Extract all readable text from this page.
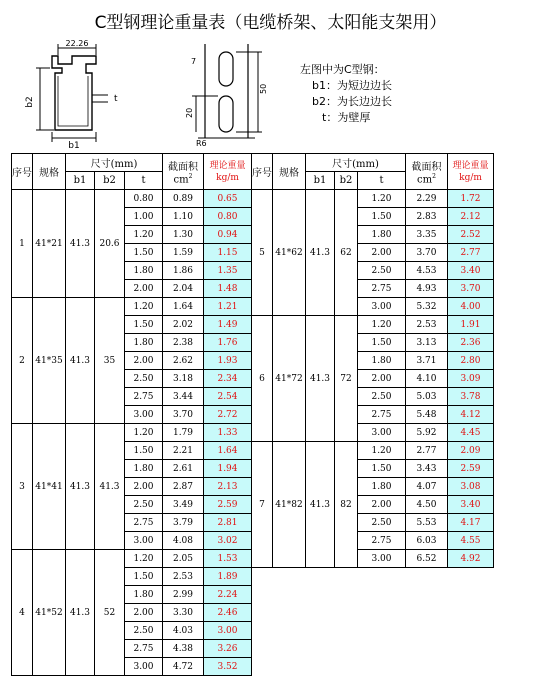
C型钢理论重量表（电缆桥架、太阳能支架用）
22.26
b1
b2	t
7
50
20
R6
左图中为C型钢：
b1：为短边边长
b2：为长边边长
t：为壁厚
序号	规格	尺寸(mm)			截面积
$cm^2$	理论重量
kg/m	序号	规格	尺寸(mm)			截面积
$cm^2$	理论重量
kg/m
		b1	b2	t					b1	b2	t		
1	41*21	41.3	20.6	0.80	0.89	0.65	5	41*62	41.3	62	1.20	2.29	1.72
				1.00	1.10	0.80					1.50	2.83	2.12
				1.20	1.30	0.94					1.80	3.35	2.52
				1.50	1.59	1.15					2.00	3.70	2.77
				1.80	1.86	1.35					2.50	4.53	3.40
				2.00	2.04	1.48					2.75	4.93	3.70
2	41*35	41.3	35	1.20	1.64	1.21					3.00	5.32	4.00
				1.50	2.02	1.49	6	41*72	41.3	72	1.20	2.53	1.91
				1.80	2.38	1.76					1.50	3.13	2.36
				2.00	2.62	1.93					1.80	3.71	2.80
				2.50	3.18	2.34					2.00	4.10	3.09
				2.75	3.44	2.54					2.50	5.03	3.78
				3.00	3.70	2.72					2.75	5.48	4.12
3	41*41	41.3	41.3	1.20	1.79	1.33					3.00	5.92	4.45
				1.50	2.21	1.64	7	41*82	41.3	82	1.20	2.77	2.09
				1.80	2.61	1.94					1.50	3.43	2.59
				2.00	2.87	2.13					1.80	4.07	3.08
				2.50	3.49	2.59					2.00	4.50	3.40
				2.75	3.79	2.81					2.50	5.53	4.17
				3.00	4.08	3.02					2.75	6.03	4.55
4	41*52	41.3	52	1.20	2.05	1.53					3.00	6.52	4.92
				1.50	2.53	1.89							
				1.80	2.99	2.24							
				2.00	3.30	2.46							
				2.50	4.03	3.00							
				2.75	4.38	3.26							
				3.00	4.72	3.52							
